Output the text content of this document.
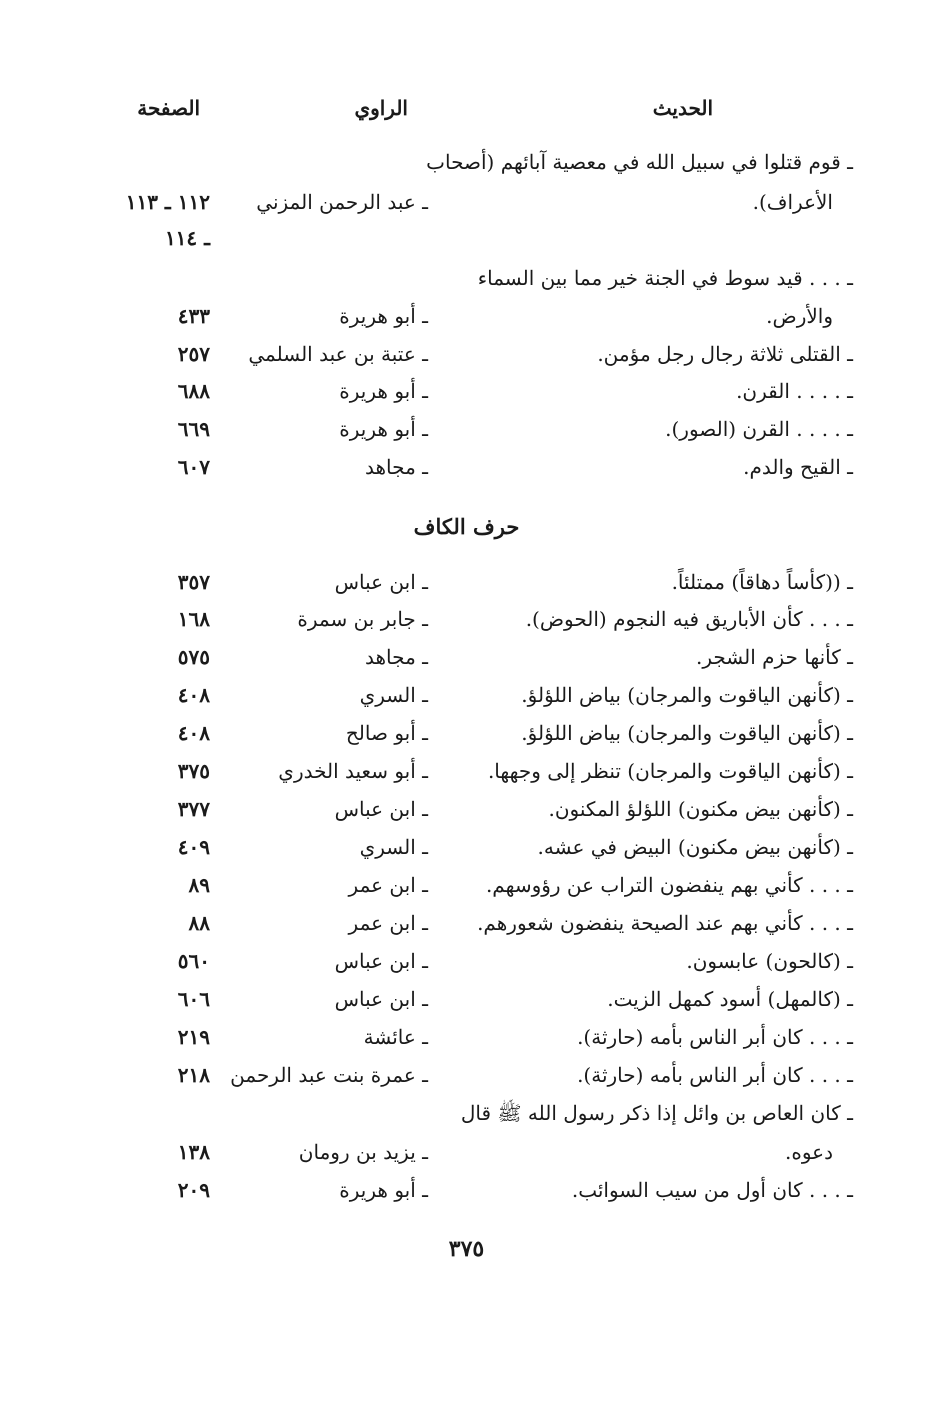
الحديث
الراوي
الصفحة
ـ قوم قتلوا في سبيل الله في معصية آبائهم (أصحاب
الأعراف).
ـ عبد الرحمن المزني
١١٢ ـ ١١٣
ـ ١١٤
ـ . . . قيد سوط في الجنة خير مما بين السماء
والأرض.
ـ أبو هريرة
٤٣٣
ـ القتلى ثلاثة رجال رجل مؤمن.
ـ عتبة بن عبد السلمي
٢٥٧
ـ . . . . القرن.
ـ أبو هريرة
٦٨٨
ـ . . . . القرن (الصور).
ـ أبو هريرة
٦٦٩
ـ القيح والدم.
ـ مجاهد
٦٠٧
حرف الكاف
ـ ((كأساً دهاقاً) ممتلئاً.
ـ ابن عباس
٣٥٧
ـ . . . كأن الأباريق فيه النجوم (الحوض).
ـ جابر بن سمرة
١٦٨
ـ كأنها حزم الشجر.
ـ مجاهد
٥٧٥
ـ (كأنهن الياقوت والمرجان) بياض اللؤلؤ.
ـ السري
٤٠٨
ـ (كأنهن الياقوت والمرجان) بياض اللؤلؤ.
ـ أبو صالح
٤٠٨
ـ (كأنهن الياقوت والمرجان) تنظر إلى وجهها.
ـ أبو سعيد الخدري
٣٧٥
ـ (كأنهن بيض مكنون) اللؤلؤ المكنون.
ـ ابن عباس
٣٧٧
ـ (كأنهن بيض مكنون) البيض في عشه.
ـ السري
٤٠٩
ـ . . . كأني بهم ينفضون التراب عن رؤوسهم.
ـ ابن عمر
٨٩
ـ . . . كأني بهم عند الصيحة ينفضون شعورهم.
ـ ابن عمر
٨٨
ـ (كالحون) عابسون.
ـ ابن عباس
٥٦٠
ـ (كالمهل) أسود كمهل الزيت.
ـ ابن عباس
٦٠٦
ـ . . . كان أبر الناس بأمه (حارثة).
ـ عائشة
٢١٩
ـ . . . كان أبر الناس بأمه (حارثة).
ـ عمرة بنت عبد الرحمن
٢١٨
ـ كان العاص بن وائل إذا ذكر رسول الله ﷺ قال
دعوه.
ـ يزيد بن رومان
١٣٨
ـ . . . كان أول من سيب السوائب.
ـ أبو هريرة
٢٠٩
٣٧٥
